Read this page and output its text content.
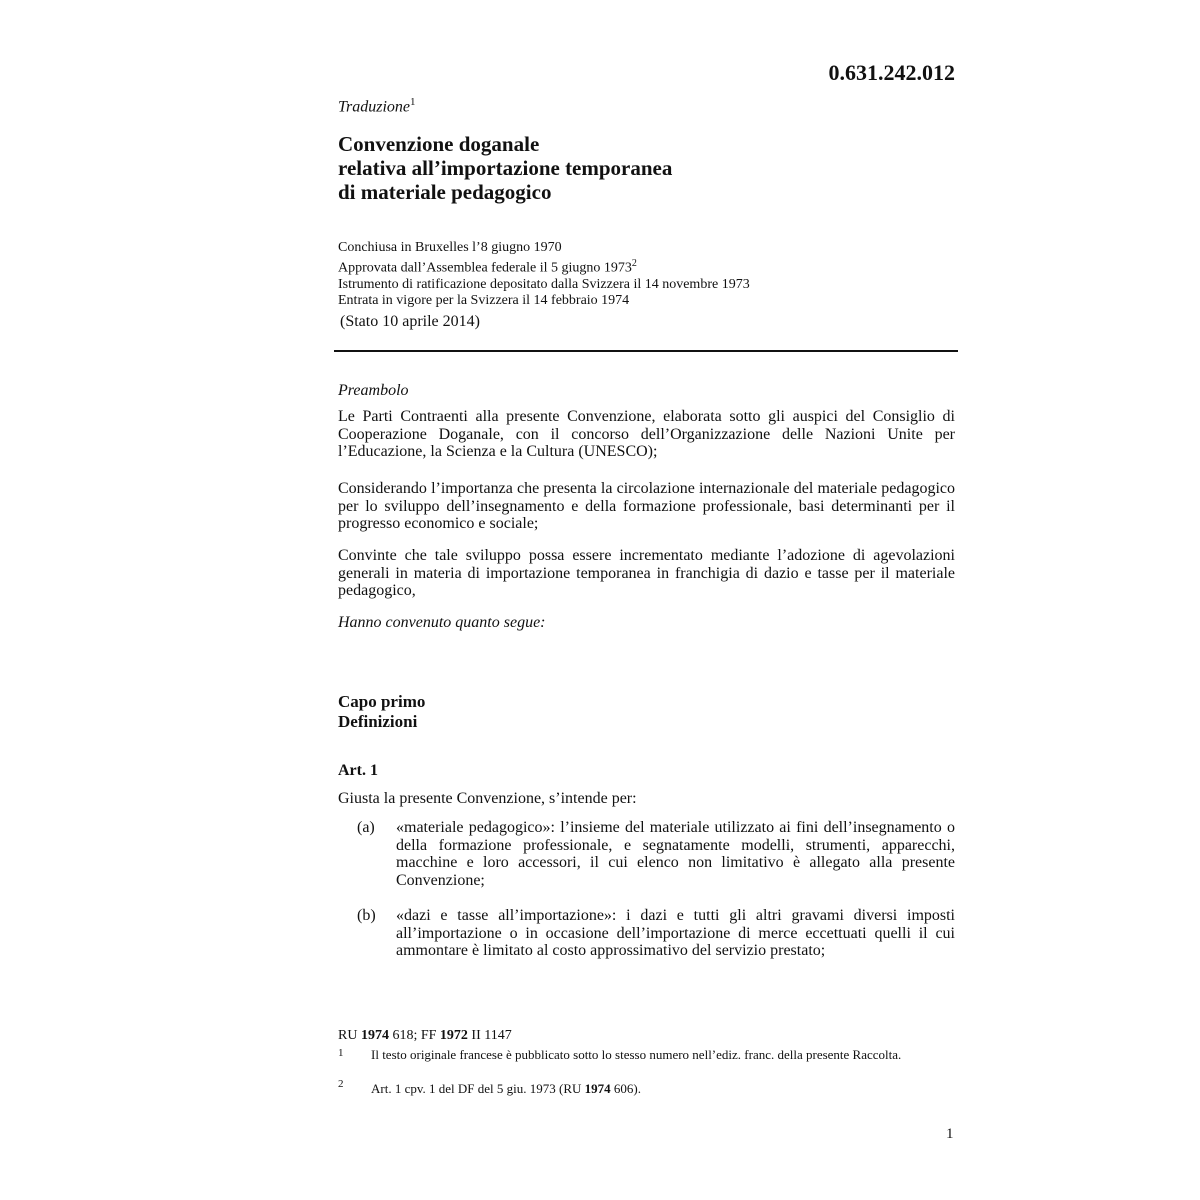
0.631.242.012
Traduzione$^1$
Convenzione doganale
relativa all’importazione temporanea
di materiale pedagogico
Conchiusa in Bruxelles l’8 giugno 1970
Approvata dall’Assemblea federale il 5 giugno 1973$^2$
Istrumento di ratificazione depositato dalla Svizzera il 14 novembre 1973
Entrata in vigore per la Svizzera il 14 febbraio 1974
(Stato 10 aprile 2014)
Preambolo
Le Parti Contraenti alla presente Convenzione, elaborata sotto gli auspici del Consiglio di Cooperazione Doganale, con il concorso dell’Organizzazione delle Nazioni Unite per l’Educazione, la Scienza e la Cultura (UNESCO);
Considerando l’importanza che presenta la circolazione internazionale del materiale pedagogico per lo sviluppo dell’insegnamento e della formazione professionale, basi determinanti per il progresso economico e sociale;
Convinte che tale sviluppo possa essere incrementato mediante l’adozione di agevolazioni generali in materia di importazione temporanea in franchigia di dazio e tasse per il materiale pedagogico,
Hanno convenuto quanto segue:
Capo primo
Definizioni
Art. 1
Giusta la presente Convenzione, s’intende per:
(a) «materiale pedagogico»: l’insieme del materiale utilizzato ai fini dell’insegnamento o della formazione professionale, e segnatamente modelli, strumenti, apparecchi, macchine e loro accessori, il cui elenco non limitativo è allegato alla presente Convenzione;
(b) «dazi e tasse all’importazione»: i dazi e tutti gli altri gravami diversi imposti all’importazione o in occasione dell’importazione di merce eccettuati quelli il cui ammontare è limitato al costo approssimativo del servizio prestato;
RU 1974 618; FF 1972 II 1147
1 Il testo originale francese è pubblicato sotto lo stesso numero nell’ediz. franc. della presente Raccolta.
2 Art. 1 cpv. 1 del DF del 5 giu. 1973 (RU 1974 606).
1
